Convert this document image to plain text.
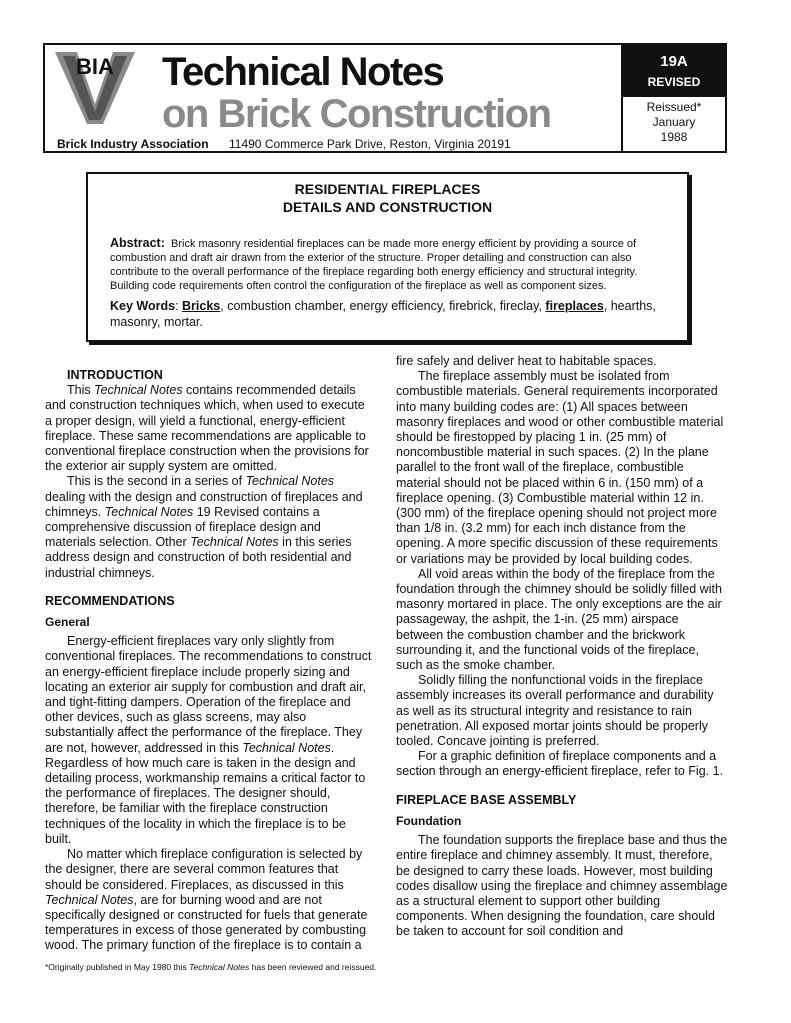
19A
REVISED
Reissued*
January
1988
BIA Technical Notes
on Brick Construction
Brick Industry Association 11490 Commerce Park Drive, Reston, Virginia 20191
RESIDENTIAL FIREPLACES
DETAILS AND CONSTRUCTION
Abstract: Brick masonry residential fireplaces can be made more energy efficient by providing a source of combustion and draft air drawn from the exterior of the structure. Proper detailing and construction can also contribute to the overall performance of the fireplace regarding both energy efficiency and structural integrity. Building code requirements often control the configuration of the fireplace as well as component sizes.
Key Words: Bricks, combustion chamber, energy efficiency, firebrick, fireclay, fireplaces, hearths, masonry, mortar.

INTRODUCTION

This Technical Notes contains recommended details and construction techniques which, when used to execute a proper design, will yield a functional, energy-efficient fireplace. These same recommendations are applicable to conventional fireplace construction when the provisions for the exterior air supply system are omitted.

This is the second in a series of Technical Notes dealing with the design and construction of fireplaces and chimneys. Technical Notes 19 Revised contains a comprehensive discussion of fireplace design and materials selection. Other Technical Notes in this series address design and construction of both residential and industrial chimneys.

RECOMMENDATIONS

General

Energy-efficient fireplaces vary only slightly from conventional fireplaces. The recommendations to construct an energy-efficient fireplace include properly sizing and locating an exterior air supply for combustion and draft air, and tight-fitting dampers. Operation of the fireplace and other devices, such as glass screens, may also substantially affect the performance of the fireplace. They are not, however, addressed in this Technical Notes. Regardless of how much care is taken in the design and detailing process, workmanship remains a critical factor to the performance of fireplaces. The designer should, therefore, be familiar with the fireplace construction techniques of the locality in which the fireplace is to be built.

No matter which fireplace configuration is selected by the designer, there are several common features that should be considered. Fireplaces, as discussed in this Technical Notes, are for burning wood and are not specifically designed or constructed for fuels that generate temperatures in excess of those generated by combusting wood. The primary function of the fireplace is to contain a

fire safely and deliver heat to habitable spaces.

The fireplace assembly must be isolated from combustible materials. General requirements incorporated into many building codes are: (1) All spaces between masonry fireplaces and wood or other combustible material should be firestopped by placing 1 in. (25 mm) of noncombustible material in such spaces. (2) In the plane parallel to the front wall of the fireplace, combustible material should not be placed within 6 in. (150 mm) of a fireplace opening. (3) Combustible material within 12 in. (300 mm) of the fireplace opening should not project more than 1/8 in. (3.2 mm) for each inch distance from the opening. A more specific discussion of these requirements or variations may be provided by local building codes.

All void areas within the body of the fireplace from the foundation through the chimney should be solidly filled with masonry mortared in place. The only exceptions are the air passageway, the ashpit, the 1-in. (25 mm) airspace between the combustion chamber and the brickwork surrounding it, and the functional voids of the fireplace, such as the smoke chamber.

Solidly filling the nonfunctional voids in the fireplace assembly increases its overall performance and durability as well as its structural integrity and resistance to rain penetration. All exposed mortar joints should be properly tooled. Concave jointing is preferred.

For a graphic definition of fireplace components and a section through an energy-efficient fireplace, refer to Fig. 1.

FIREPLACE BASE ASSEMBLY

Foundation

The foundation supports the fireplace base and thus the entire fireplace and chimney assembly. It must, therefore, be designed to carry these loads. However, most building codes disallow using the fireplace and chimney assemblage as a structural element to support other building components. When designing the foundation, care should be taken to account for soil condition and

*Originally published in May 1980 this Technical Notes has been reviewed and reissued.
